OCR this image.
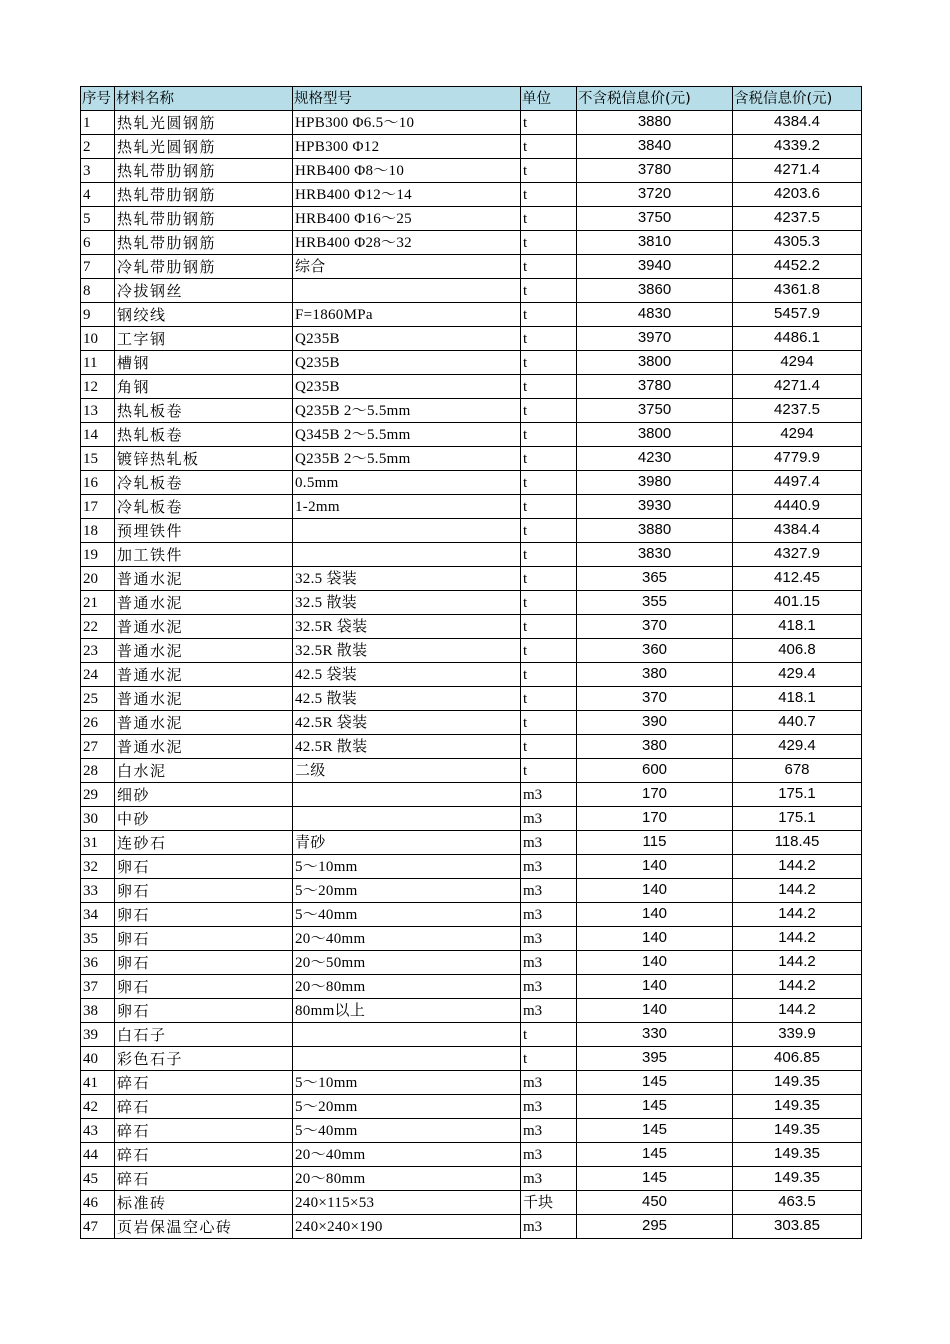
序号	材料名称	规格型号	单位	不含税信息价(元)	含税信息价(元)
1	热轧光圆钢筋	HPB300 Φ6.5～10	t	3880	4384.4
2	热轧光圆钢筋	HPB300 Φ12	t	3840	4339.2
3	热轧带肋钢筋	HRB400 Φ8～10	t	3780	4271.4
4	热轧带肋钢筋	HRB400 Φ12～14	t	3720	4203.6
5	热轧带肋钢筋	HRB400 Φ16～25	t	3750	4237.5
6	热轧带肋钢筋	HRB400 Φ28～32	t	3810	4305.3
7	冷轧带肋钢筋	综合	t	3940	4452.2
8	冷拔钢丝		t	3860	4361.8
9	钢绞线	F=1860MPa	t	4830	5457.9
10	工字钢	Q235B	t	3970	4486.1
11	槽钢	Q235B	t	3800	4294
12	角钢	Q235B	t	3780	4271.4
13	热轧板卷	Q235B 2～5.5mm	t	3750	4237.5
14	热轧板卷	Q345B 2～5.5mm	t	3800	4294
15	镀锌热轧板	Q235B 2～5.5mm	t	4230	4779.9
16	冷轧板卷	0.5mm	t	3980	4497.4
17	冷轧板卷	1-2mm	t	3930	4440.9
18	预埋铁件		t	3880	4384.4
19	加工铁件		t	3830	4327.9
20	普通水泥	32.5 袋装	t	365	412.45
21	普通水泥	32.5 散装	t	355	401.15
22	普通水泥	32.5R 袋装	t	370	418.1
23	普通水泥	32.5R 散装	t	360	406.8
24	普通水泥	42.5 袋装	t	380	429.4
25	普通水泥	42.5 散装	t	370	418.1
26	普通水泥	42.5R 袋装	t	390	440.7
27	普通水泥	42.5R 散装	t	380	429.4
28	白水泥	二级	t	600	678
29	细砂		m3	170	175.1
30	中砂		m3	170	175.1
31	连砂石	青砂	m3	115	118.45
32	卵石	5～10mm	m3	140	144.2
33	卵石	5～20mm	m3	140	144.2
34	卵石	5～40mm	m3	140	144.2
35	卵石	20～40mm	m3	140	144.2
36	卵石	20～50mm	m3	140	144.2
37	卵石	20～80mm	m3	140	144.2
38	卵石	80mm以上	m3	140	144.2
39	白石子		t	330	339.9
40	彩色石子		t	395	406.85
41	碎石	5～10mm	m3	145	149.35
42	碎石	5～20mm	m3	145	149.35
43	碎石	5～40mm	m3	145	149.35
44	碎石	20～40mm	m3	145	149.35
45	碎石	20～80mm	m3	145	149.35
46	标准砖	240×115×53	千块	450	463.5
47	页岩保温空心砖	240×240×190	m3	295	303.85
